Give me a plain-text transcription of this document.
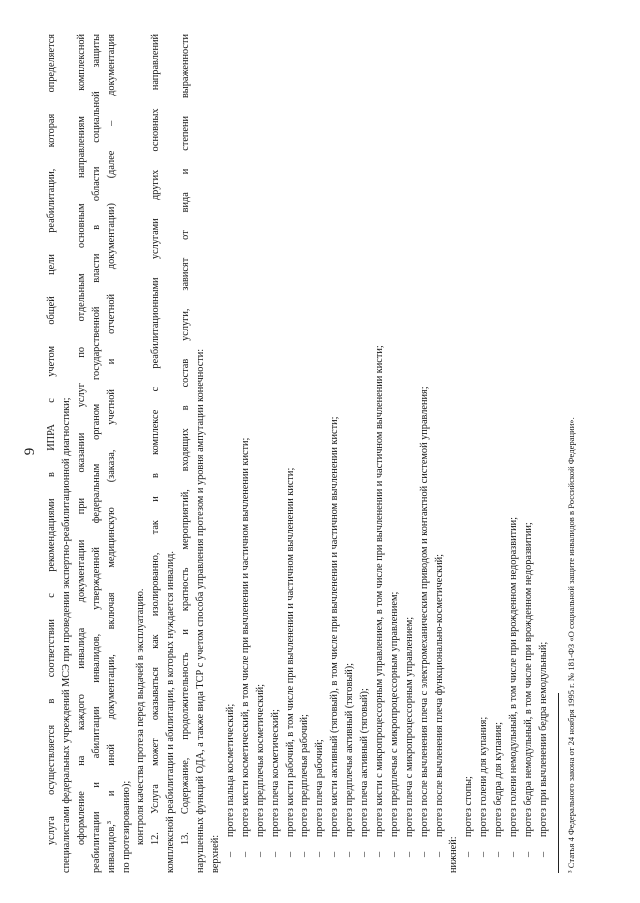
9 услуга осуществляется в соответствии с рекомендациями в ИПРА с учетом общей цели реабилитации, которая определяется специалистами федеральных учреждений МСЭ при проведении экспертно-реабилитационной диагностики; оформление на каждого инвалида документации при оказании услуг по отдельным основным направлениям комплексной реабилитации и абилитации инвалидов, утвержденной федеральным органом государственной власти в области социальной защиты инвалидов,³ и иной документации, включая медицинскую (заказа, учетной и отчетной документации) (далее – документация по протезированию); контроля качества протеза перед выдачей в эксплуатацию. 12. Услуга может оказываться как изолированно, так и в комплексе с реабилитационными услугами других основных направлений комплексной реабилитации и абилитации, в которых нуждается инвалид. 13. Содержание, продолжительность и кратность мероприятий, входящих в состав услуги, зависят от вида и степени выраженности нарушенных функций ОДА, а также вида ТСР с учетом способа управления протезом и уровня ампутации конечности: верхней: –
протез пальца косметический;
–
протез кисти косметический, в том числе при вычленении и частичном вычленении кисти;
–
протез предплечья косметический;
–
протез плеча косметический;
–
протез кисти рабочий, в том числе при вычленении и частичном вычленении кисти;
–
протез предплечья рабочий;
–
протез плеча рабочий;
–
протез кисти активный (тяговый), в том числе при вычленении и частичном вычленении кисти;
–
протез предплечья активный (тяговый);
–
протез плеча активный (тяговый);
–
протез кисти с микропроцессорным управлением, в том числе при вычленении и частичном вычленении кисти;
–
протез предплечья с микропроцессорным управлением;
–
протез плеча с микропроцессорным управлением;
–
протез после вычленения плеча с электромеханическим приводом и контактной системой управления;
–
протез после вычленения плеча функционально-косметический;
нижней: –
протез стопы;
–
протез голени для купания;
–
протез бедра для купания;
–
протез голени немодульный, в том числе при врожденном недоразвитии;
–
протез бедра немодульный, в том числе при врожденном недоразвитии;
–
протез при вычленении бедра немодульный;	³ Статья 4 Федерального закона от 24 ноября 1995 г. № 181-ФЗ «О социальной защите инвалидов в Российской Федерации».
